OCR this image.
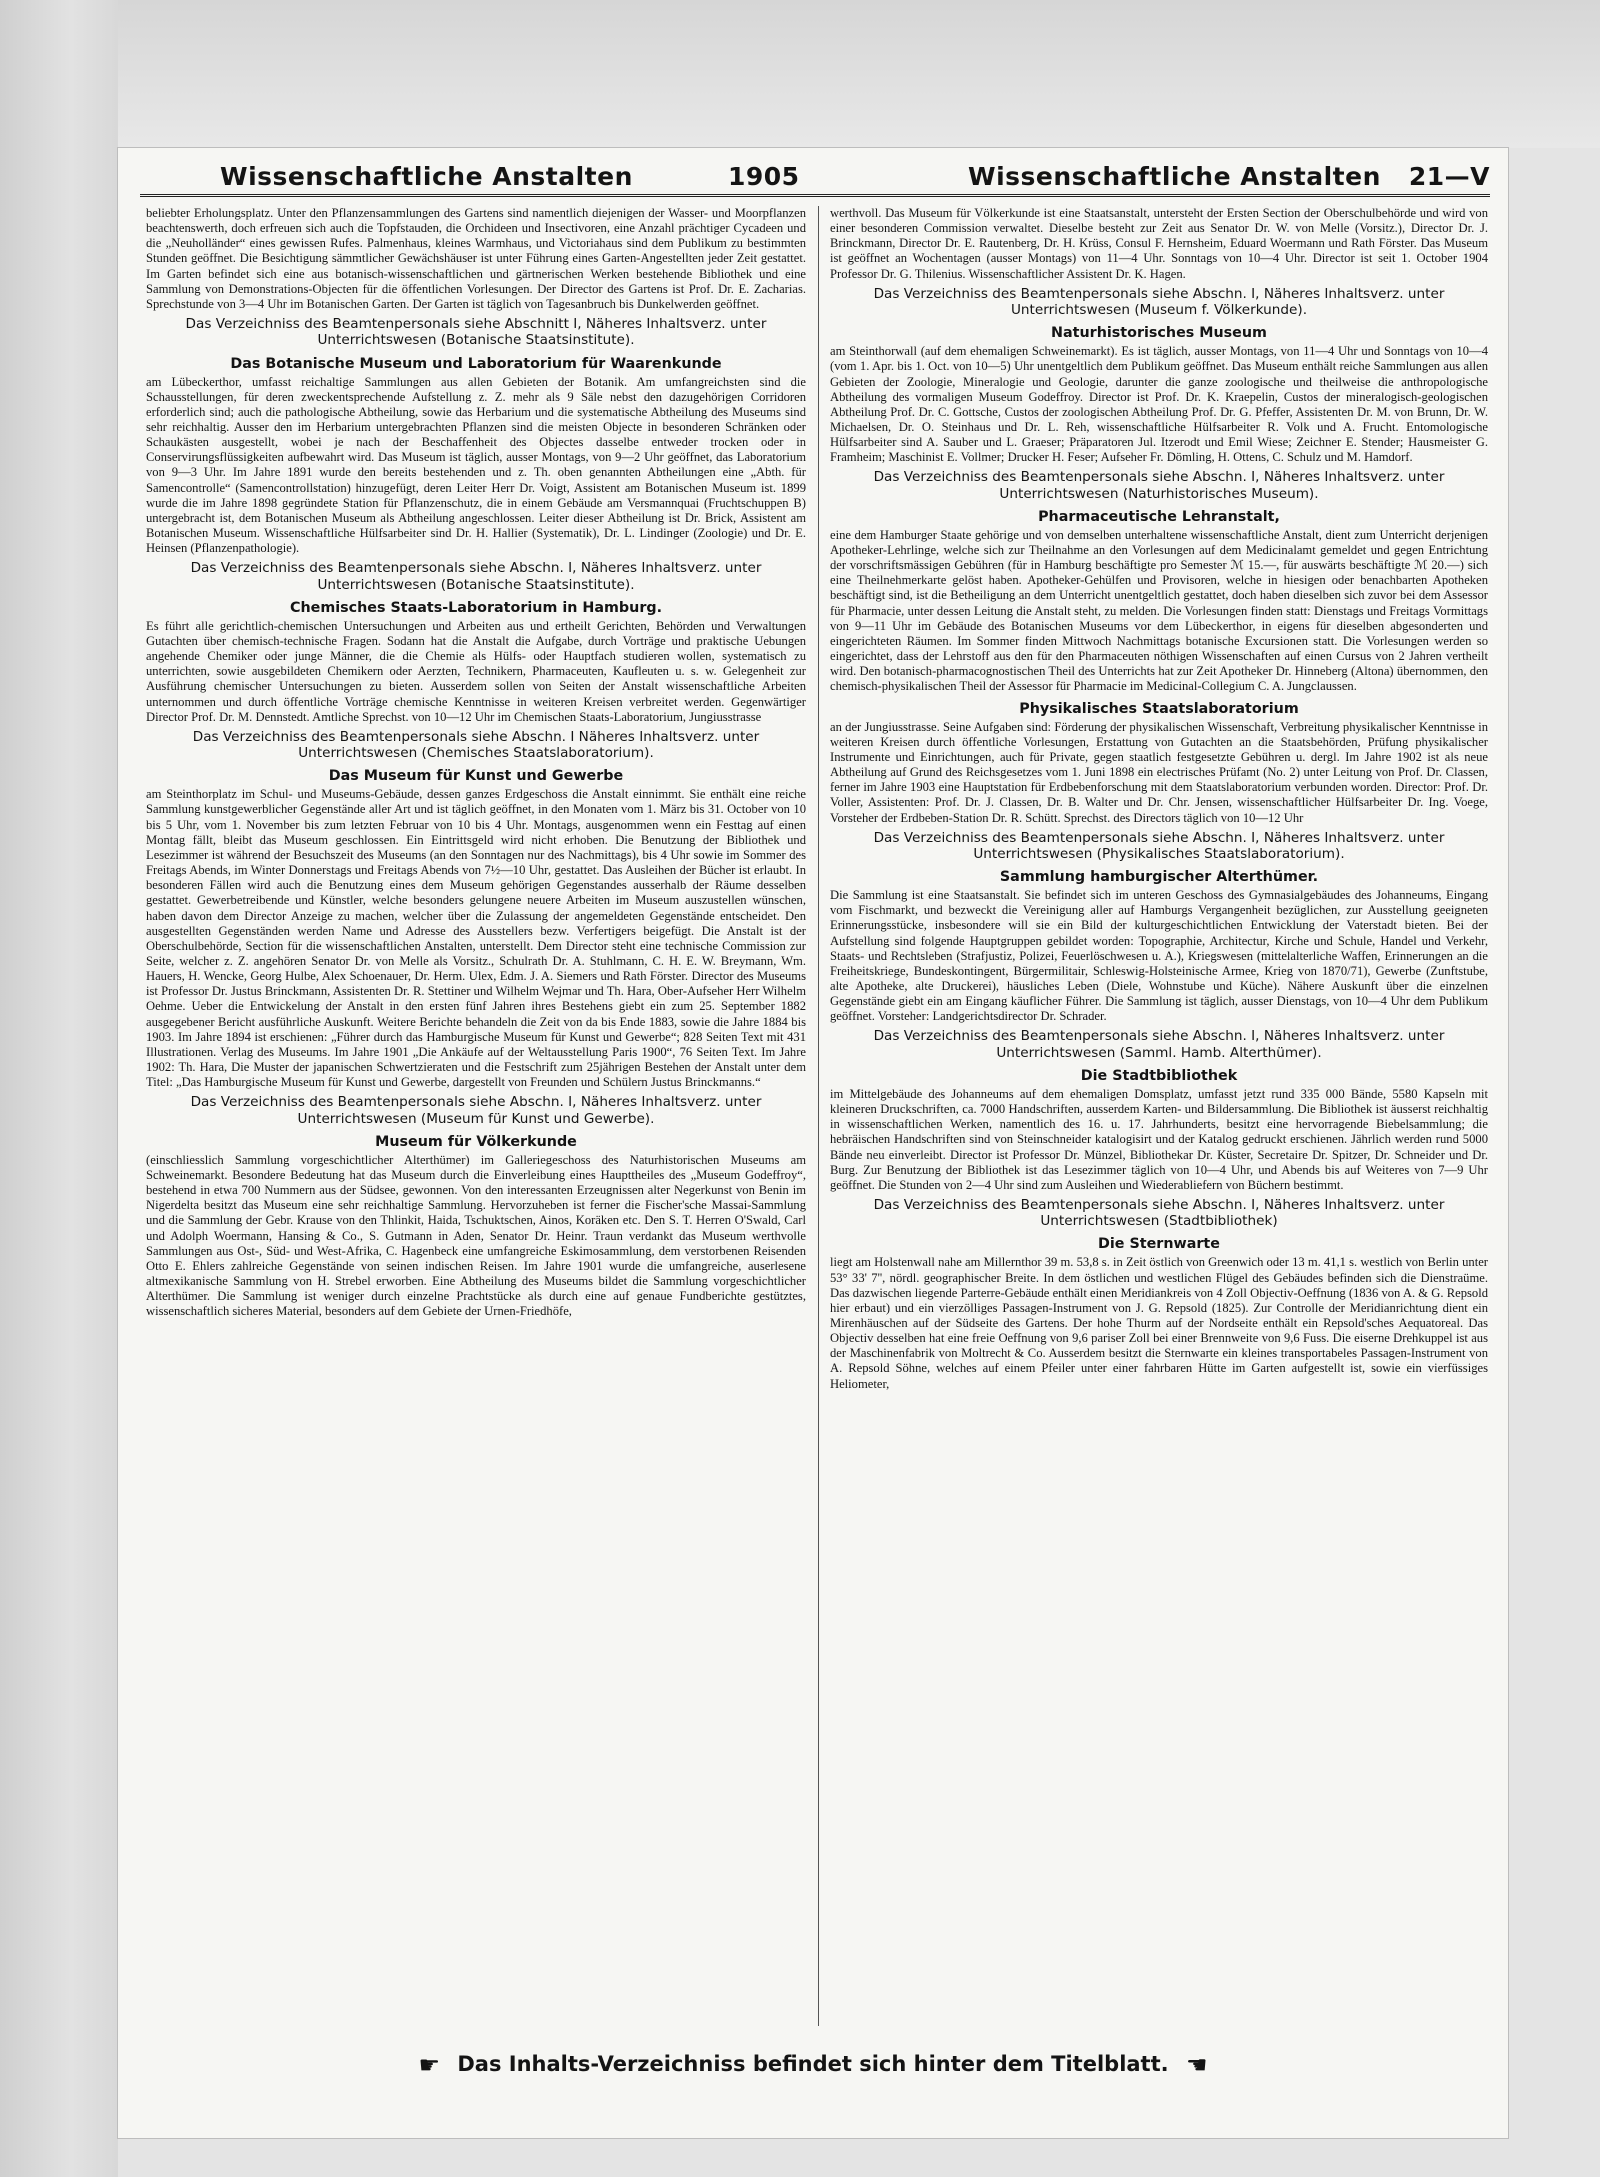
Wissenschaftliche Anstalten	1905	Wissenschaftliche Anstalten 21—V

beliebter Erholungsplatz. Unter den Pflanzensammlungen des Gartens sind namentlich diejenigen der Wasser- und Moorpflanzen beachtenswerth, doch erfreuen sich auch die Topfstauden, die Orchideen und Insectivoren, eine Anzahl prächtiger Cycadeen und die „Neuholländer“ eines gewissen Rufes. Palmenhaus, kleines Warmhaus, und Victoriahaus sind dem Publikum zu bestimmten Stunden geöffnet. Die Besichtigung sämmtlicher Gewächshäuser ist unter Führung eines Garten-Angestellten jeder Zeit gestattet. Im Garten befindet sich eine aus botanisch-wissenschaftlichen und gärtnerischen Werken bestehende Bibliothek und eine Sammlung von Demonstrations-Objecten für die öffentlichen Vorlesungen. Der Director des Gartens ist Prof. Dr. E. Zacharias. Sprechstunde von 3—4 Uhr im Botanischen Garten. Der Garten ist täglich von Tagesanbruch bis Dunkelwerden geöffnet.

Das Verzeichniss des Beamtenpersonals siehe Abschnitt I, Näheres Inhaltsverz. unter Unterrichtswesen (Botanische Staatsinstitute).
Das Botanische Museum und Laboratorium für Waarenkunde

am Lübeckerthor, umfasst reichaltige Sammlungen aus allen Gebieten der Botanik. Am umfangreichsten sind die Schausstellungen, für deren zweckentsprechende Aufstellung z. Z. mehr als 9 Säle nebst den dazugehörigen Corridoren erforderlich sind; auch die pathologische Abtheilung, sowie das Herbarium und die systematische Abtheilung des Museums sind sehr reichhaltig. Ausser den im Herbarium untergebrachten Pflanzen sind die meisten Objecte in besonderen Schränken oder Schaukästen ausgestellt, wobei je nach der Beschaffenheit des Objectes dasselbe entweder trocken oder in Conservirungsflüssigkeiten aufbewahrt wird. Das Museum ist täglich, ausser Montags, von 9—2 Uhr geöffnet, das Laboratorium von 9—3 Uhr. Im Jahre 1891 wurde den bereits bestehenden und z. Th. oben genannten Abtheilungen eine „Abth. für Samencontrolle“ (Samencontrollstation) hinzugefügt, deren Leiter Herr Dr. Voigt, Assistent am Botanischen Museum ist. 1899 wurde die im Jahre 1898 gegründete Station für Pflanzenschutz, die in einem Gebäude am Versmannquai (Fruchtschuppen B) untergebracht ist, dem Botanischen Museum als Abtheilung angeschlossen. Leiter dieser Abtheilung ist Dr. Brick, Assistent am Botanischen Museum. Wissenschaftliche Hülfsarbeiter sind Dr. H. Hallier (Systematik), Dr. L. Lindinger (Zoologie) und Dr. E. Heinsen (Pflanzenpathologie).

Das Verzeichniss des Beamtenpersonals siehe Abschn. I, Näheres Inhaltsverz. unter Unterrichtswesen (Botanische Staatsinstitute).
Chemisches Staats-Laboratorium in Hamburg.

Es führt alle gerichtlich-chemischen Untersuchungen und Arbeiten aus und ertheilt Gerichten, Behörden und Verwaltungen Gutachten über chemisch-technische Fragen. Sodann hat die Anstalt die Aufgabe, durch Vorträge und praktische Uebungen angehende Chemiker oder junge Männer, die die Chemie als Hülfs- oder Hauptfach studieren wollen, systematisch zu unterrichten, sowie ausgebildeten Chemikern oder Aerzten, Technikern, Pharmaceuten, Kaufleuten u. s. w. Gelegenheit zur Ausführung chemischer Untersuchungen zu bieten. Ausserdem sollen von Seiten der Anstalt wissenschaftliche Arbeiten unternommen und durch öffentliche Vorträge chemische Kenntnisse in weiteren Kreisen verbreitet werden. Gegenwärtiger Director Prof. Dr. M. Dennstedt. Amtliche Sprechst. von 10—12 Uhr im Chemischen Staats-Laboratorium, Jungiusstrasse

Das Verzeichniss des Beamtenpersonals siehe Abschn. I Näheres Inhaltsverz. unter Unterrichtswesen (Chemisches Staatslaboratorium).
Das Museum für Kunst und Gewerbe

am Steinthorplatz im Schul- und Museums-Gebäude, dessen ganzes Erdgeschoss die Anstalt einnimmt. Sie enthält eine reiche Sammlung kunstgewerblicher Gegenstände aller Art und ist täglich geöffnet, in den Monaten vom 1. März bis 31. October von 10 bis 5 Uhr, vom 1. November bis zum letzten Februar von 10 bis 4 Uhr. Montags, ausgenommen wenn ein Festtag auf einen Montag fällt, bleibt das Museum geschlossen. Ein Eintrittsgeld wird nicht erhoben. Die Benutzung der Bibliothek und Lesezimmer ist während der Besuchszeit des Museums (an den Sonntagen nur des Nachmittags), bis 4 Uhr sowie im Sommer des Freitags Abends, im Winter Donnerstags und Freitags Abends von 7½—10 Uhr, gestattet. Das Ausleihen der Bücher ist erlaubt. In besonderen Fällen wird auch die Benutzung eines dem Museum gehörigen Gegenstandes ausserhalb der Räume desselben gestattet. Gewerbetreibende und Künstler, welche besonders gelungene neuere Arbeiten im Museum auszustellen wünschen, haben davon dem Director Anzeige zu machen, welcher über die Zulassung der angemeldeten Gegenstände entscheidet. Den ausgestellten Gegenständen werden Name und Adresse des Ausstellers bezw. Verfertigers beigefügt. Die Anstalt ist der Oberschulbehörde, Section für die wissenschaftlichen Anstalten, unterstellt. Dem Director steht eine technische Commission zur Seite, welcher z. Z. angehören Senator Dr. von Melle als Vorsitz., Schulrath Dr. A. Stuhlmann, C. H. E. W. Breymann, Wm. Hauers, H. Wencke, Georg Hulbe, Alex Schoenauer, Dr. Herm. Ulex, Edm. J. A. Siemers und Rath Förster. Director des Museums ist Professor Dr. Justus Brinckmann, Assistenten Dr. R. Stettiner und Wilhelm Wejmar und Th. Hara, Ober-Aufseher Herr Wilhelm Oehme. Ueber die Entwickelung der Anstalt in den ersten fünf Jahren ihres Bestehens giebt ein zum 25. September 1882 ausgegebener Bericht ausführliche Auskunft. Weitere Berichte behandeln die Zeit von da bis Ende 1883, sowie die Jahre 1884 bis 1903. Im Jahre 1894 ist erschienen: „Führer durch das Hamburgische Museum für Kunst und Gewerbe“; 828 Seiten Text mit 431 Illustrationen. Verlag des Museums. Im Jahre 1901 „Die Ankäufe auf der Weltausstellung Paris 1900“, 76 Seiten Text. Im Jahre 1902: Th. Hara, Die Muster der japanischen Schwertzieraten und die Festschrift zum 25jährigen Bestehen der Anstalt unter dem Titel: „Das Hamburgische Museum für Kunst und Gewerbe, dargestellt von Freunden und Schülern Justus Brinckmanns.“

Das Verzeichniss des Beamtenpersonals siehe Abschn. I, Näheres Inhaltsverz. unter Unterrichtswesen (Museum für Kunst und Gewerbe).
Museum für Völkerkunde

(einschliesslich Sammlung vorgeschichtlicher Alterthümer) im Galleriegeschoss des Naturhistorischen Museums am Schweinemarkt. Besondere Bedeutung hat das Museum durch die Einverleibung eines Haupttheiles des „Museum Godeffroy“, bestehend in etwa 700 Nummern aus der Südsee, gewonnen. Von den interessanten Erzeugnissen alter Negerkunst von Benin im Nigerdelta besitzt das Museum eine sehr reichhaltige Sammlung. Hervorzuheben ist ferner die Fischer'sche Massai-Sammlung und die Sammlung der Gebr. Krause von den Thlinkit, Haida, Tschuktschen, Ainos, Koräken etc. Den S. T. Herren O'Swald, Carl und Adolph Woermann, Hansing & Co., S. Gutmann in Aden, Senator Dr. Heinr. Traun verdankt das Museum werthvolle Sammlungen aus Ost-, Süd- und West-Afrika, C. Hagenbeck eine umfangreiche Eskimosammlung, dem verstorbenen Reisenden Otto E. Ehlers zahlreiche Gegenstände von seinen indischen Reisen. Im Jahre 1901 wurde die umfangreiche, auserlesene altmexikanische Sammlung von H. Strebel erworben. Eine Abtheilung des Museums bildet die Sammlung vorgeschichtlicher Alterthümer. Die Sammlung ist weniger durch einzelne Prachtstücke als durch eine auf genaue Fundberichte gestütztes, wissenschaftlich sicheres Material, besonders auf dem Gebiete der Urnen-Friedhöfe,

werthvoll. Das Museum für Völkerkunde ist eine Staatsanstalt, untersteht der Ersten Section der Oberschulbehörde und wird von einer besonderen Commission verwaltet. Dieselbe besteht zur Zeit aus Senator Dr. W. von Melle (Vorsitz.), Director Dr. J. Brinckmann, Director Dr. E. Rautenberg, Dr. H. Krüss, Consul F. Hernsheim, Eduard Woermann und Rath Förster. Das Museum ist geöffnet an Wochentagen (ausser Montags) von 11—4 Uhr. Sonntags von 10—4 Uhr. Director ist seit 1. October 1904 Professor Dr. G. Thilenius. Wissenschaftlicher Assistent Dr. K. Hagen.

Das Verzeichniss des Beamtenpersonals siehe Abschn. I, Näheres Inhaltsverz. unter Unterrichtswesen (Museum f. Völkerkunde).
Naturhistorisches Museum

am Steinthorwall (auf dem ehemaligen Schweinemarkt). Es ist täglich, ausser Montags, von 11—4 Uhr und Sonntags von 10—4 (vom 1. Apr. bis 1. Oct. von 10—5) Uhr unentgeltlich dem Publikum geöffnet. Das Museum enthält reiche Sammlungen aus allen Gebieten der Zoologie, Mineralogie und Geologie, darunter die ganze zoologische und theilweise die anthropologische Abtheilung des vormaligen Museum Godeffroy. Director ist Prof. Dr. K. Kraepelin, Custos der mineralogisch-geologischen Abtheilung Prof. Dr. C. Gottsche, Custos der zoologischen Abtheilung Prof. Dr. G. Pfeffer, Assistenten Dr. M. von Brunn, Dr. W. Michaelsen, Dr. O. Steinhaus und Dr. L. Reh, wissenschaftliche Hülfsarbeiter R. Volk und A. Frucht. Entomologische Hülfsarbeiter sind A. Sauber und L. Graeser; Präparatoren Jul. Itzerodt und Emil Wiese; Zeichner E. Stender; Hausmeister G. Framheim; Maschinist E. Vollmer; Drucker H. Feser; Aufseher Fr. Dömling, H. Ottens, C. Schulz und M. Hamdorf.

Das Verzeichniss des Beamtenpersonals siehe Abschn. I, Näheres Inhaltsverz. unter Unterrichtswesen (Naturhistorisches Museum).
Pharmaceutische Lehranstalt,

eine dem Hamburger Staate gehörige und von demselben unterhaltene wissenschaftliche Anstalt, dient zum Unterricht derjenigen Apotheker-Lehrlinge, welche sich zur Theilnahme an den Vorlesungen auf dem Medicinalamt gemeldet und gegen Entrichtung der vorschriftsmässigen Gebühren (für in Hamburg beschäftigte pro Semester ℳ 15.—, für auswärts beschäftigte ℳ 20.—) sich eine Theilnehmerkarte gelöst haben. Apotheker-Gehülfen und Provisoren, welche in hiesigen oder benachbarten Apotheken beschäftigt sind, ist die Betheiligung an dem Unterricht unentgeltlich gestattet, doch haben dieselben sich zuvor bei dem Assessor für Pharmacie, unter dessen Leitung die Anstalt steht, zu melden. Die Vorlesungen finden statt: Dienstags und Freitags Vormittags von 9—11 Uhr im Gebäude des Botanischen Museums vor dem Lübeckerthor, in eigens für dieselben abgesonderten und eingerichteten Räumen. Im Sommer finden Mittwoch Nachmittags botanische Excursionen statt. Die Vorlesungen werden so eingerichtet, dass der Lehrstoff aus den für den Pharmaceuten nöthigen Wissenschaften auf einen Cursus von 2 Jahren vertheilt wird. Den botanisch-pharmacognostischen Theil des Unterrichts hat zur Zeit Apotheker Dr. Hinneberg (Altona) übernommen, den chemisch-physikalischen Theil der Assessor für Pharmacie im Medicinal-Collegium C. A. Jungclaussen.

Physikalisches Staatslaboratorium

an der Jungiusstrasse. Seine Aufgaben sind: Förderung der physikalischen Wissenschaft, Verbreitung physikalischer Kenntnisse in weiteren Kreisen durch öffentliche Vorlesungen, Erstattung von Gutachten an die Staatsbehörden, Prüfung physikalischer Instrumente und Einrichtungen, auch für Private, gegen staatlich festgesetzte Gebühren u. dergl. Im Jahre 1902 ist als neue Abtheilung auf Grund des Reichsgesetzes vom 1. Juni 1898 ein electrisches Prüfamt (No. 2) unter Leitung von Prof. Dr. Classen, ferner im Jahre 1903 eine Hauptstation für Erdbebenforschung mit dem Staatslaboratorium verbunden worden. Director: Prof. Dr. Voller, Assistenten: Prof. Dr. J. Classen, Dr. B. Walter und Dr. Chr. Jensen, wissenschaftlicher Hülfsarbeiter Dr. Ing. Voege, Vorsteher der Erdbeben-Station Dr. R. Schütt. Sprechst. des Directors täglich von 10—12 Uhr

Das Verzeichniss des Beamtenpersonals siehe Abschn. I, Näheres Inhaltsverz. unter Unterrichtswesen (Physikalisches Staatslaboratorium).
Sammlung hamburgischer Alterthümer.

Die Sammlung ist eine Staatsanstalt. Sie befindet sich im unteren Geschoss des Gymnasialgebäudes des Johanneums, Eingang vom Fischmarkt, und bezweckt die Vereinigung aller auf Hamburgs Vergangenheit bezüglichen, zur Ausstellung geeigneten Erinnerungsstücke, insbesondere will sie ein Bild der kulturgeschichtlichen Entwicklung der Vaterstadt bieten. Bei der Aufstellung sind folgende Hauptgruppen gebildet worden: Topographie, Architectur, Kirche und Schule, Handel und Verkehr, Staats- und Rechtsleben (Strafjustiz, Polizei, Feuerlöschwesen u. A.), Kriegswesen (mittelalterliche Waffen, Erinnerungen an die Freiheitskriege, Bundeskontingent, Bürgermilitair, Schleswig-Holsteinische Armee, Krieg von 1870/71), Gewerbe (Zunftstube, alte Apotheke, alte Druckerei), häusliches Leben (Diele, Wohnstube und Küche). Nähere Auskunft über die einzelnen Gegenstände giebt ein am Eingang käuflicher Führer. Die Sammlung ist täglich, ausser Dienstags, von 10—4 Uhr dem Publikum geöffnet. Vorsteher: Landgerichtsdirector Dr. Schrader.

Das Verzeichniss des Beamtenpersonals siehe Abschn. I, Näheres Inhaltsverz. unter Unterrichtswesen (Samml. Hamb. Alterthümer).
Die Stadtbibliothek

im Mittelgebäude des Johanneums auf dem ehemaligen Domsplatz, umfasst jetzt rund 335 000 Bände, 5580 Kapseln mit kleineren Druckschriften, ca. 7000 Handschriften, ausserdem Karten- und Bildersammlung. Die Bibliothek ist äusserst reichhaltig in wissenschaftlichen Werken, namentlich des 16. u. 17. Jahrhunderts, besitzt eine hervorragende Biebelsammlung; die hebräischen Handschriften sind von Steinschneider katalogisirt und der Katalog gedruckt erschienen. Jährlich werden rund 5000 Bände neu einverleibt. Director ist Professor Dr. Münzel, Bibliothekar Dr. Küster, Secretaire Dr. Spitzer, Dr. Schneider und Dr. Burg. Zur Benutzung der Bibliothek ist das Lesezimmer täglich von 10—4 Uhr, und Abends bis auf Weiteres von 7—9 Uhr geöffnet. Die Stunden von 2—4 Uhr sind zum Ausleihen und Wiederabliefern von Büchern bestimmt.

Das Verzeichniss des Beamtenpersonals siehe Abschn. I, Näheres Inhaltsverz. unter Unterrichtswesen (Stadtbibliothek)
Die Sternwarte

liegt am Holstenwall nahe am Millernthor 39 m. 53,8 s. in Zeit östlich von Greenwich oder 13 m. 41,1 s. westlich von Berlin unter 53° 33' 7'', nördl. geographischer Breite. In dem östlichen und westlichen Flügel des Gebäudes befinden sich die Dienstraüme. Das dazwischen liegende Parterre-Gebäude enthält einen Meridiankreis von 4 Zoll Objectiv-Oeffnung (1836 von A. & G. Repsold hier erbaut) und ein vierzölliges Passagen-Instrument von J. G. Repsold (1825). Zur Controlle der Meridianrichtung dient ein Mirenhäuschen auf der Südseite des Gartens. Der hohe Thurm auf der Nordseite enthält ein Repsold'sches Aequatoreal. Das Objectiv desselben hat eine freie Oeffnung von 9,6 pariser Zoll bei einer Brennweite von 9,6 Fuss. Die eiserne Drehkuppel ist aus der Maschinenfabrik von Moltrecht & Co. Ausserdem besitzt die Sternwarte ein kleines transportabeles Passagen-Instrument von A. Repsold Söhne, welches auf einem Pfeiler unter einer fahrbaren Hütte im Garten aufgestellt ist, sowie ein vierfüssiges Heliometer,

☛ Das Inhalts-Verzeichniss befindet sich hinter dem Titelblatt. ☚
